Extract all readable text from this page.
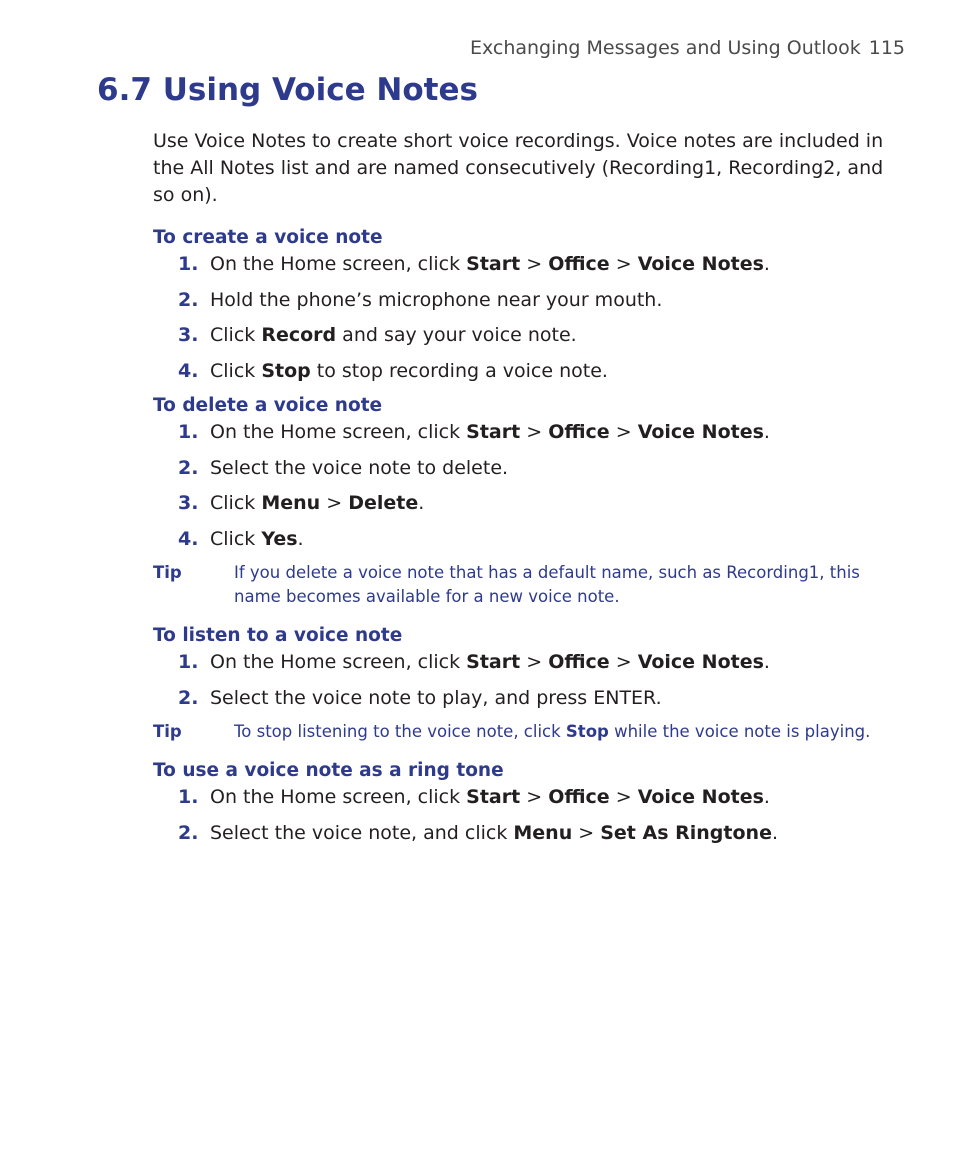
Exchanging Messages and Using Outlook 115
6.7 Using Voice Notes

Use Voice Notes to create short voice recordings. Voice notes are included in the All Notes list and are named consecutively (Recording1, Recording2, and so on).

To create a voice note
1. On the Home screen, click Start > Office > Voice Notes.
2. Hold the phone’s microphone near your mouth.
3. Click Record and say your voice note.
4. Click Stop to stop recording a voice note.
To delete a voice note
1. On the Home screen, click Start > Office > Voice Notes.
2. Select the voice note to delete.
3. Click Menu > Delete.
4. Click Yes.
Tip	If you delete a voice note that has a default name, such as Recording1, this name becomes available for a new voice note.
To listen to a voice note
1. On the Home screen, click Start > Office > Voice Notes.
2. Select the voice note to play, and press ENTER.
Tip	To stop listening to the voice note, click Stop while the voice note is playing.
To use a voice note as a ring tone
1. On the Home screen, click Start > Office > Voice Notes.
2. Select the voice note, and click Menu > Set As Ringtone.
